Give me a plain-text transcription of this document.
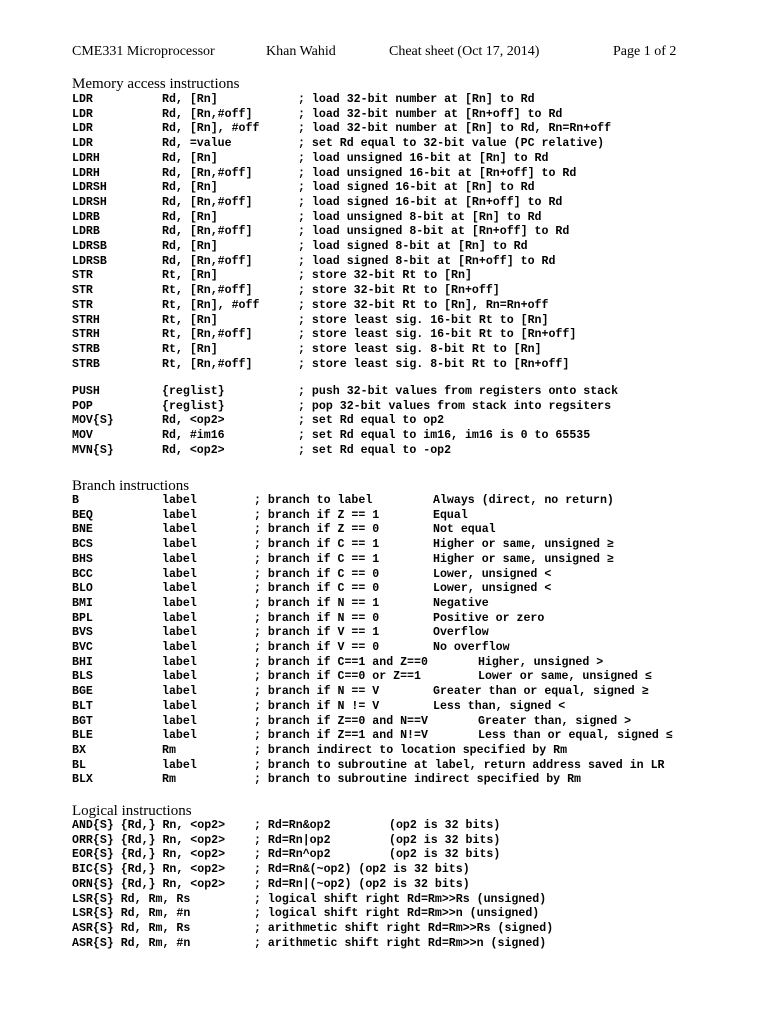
CME331 Microprocessor	Khan Wahid	Cheat sheet (Oct 17, 2014)	Page 1 of 2
Memory access instructions
Branch instructions
Logical instructions
LDR	Rd, [Rn]	; load 32-bit number at [Rn] to Rd
LDR	Rd, [Rn,#off]	; load 32-bit number at [Rn+off] to Rd
LDR	Rd, [Rn], #off	; load 32-bit number at [Rn] to Rd, Rn=Rn+off
LDR	Rd, =value	; set Rd equal to 32-bit value (PC relative)
LDRH	Rd, [Rn]	; load unsigned 16-bit at [Rn] to Rd
LDRH	Rd, [Rn,#off]	; load unsigned 16-bit at [Rn+off] to Rd
LDRSH	Rd, [Rn]	; load signed 16-bit at [Rn] to Rd
LDRSH	Rd, [Rn,#off]	; load signed 16-bit at [Rn+off] to Rd
LDRB	Rd, [Rn]	; load unsigned 8-bit at [Rn] to Rd
LDRB	Rd, [Rn,#off]	; load unsigned 8-bit at [Rn+off] to Rd
LDRSB	Rd, [Rn]	; load signed 8-bit at [Rn] to Rd
LDRSB	Rd, [Rn,#off]	; load signed 8-bit at [Rn+off] to Rd
STR	Rt, [Rn]	; store 32-bit Rt to [Rn]
STR	Rt, [Rn,#off]	; store 32-bit Rt to [Rn+off]
STR	Rt, [Rn], #off	; store 32-bit Rt to [Rn], Rn=Rn+off
STRH	Rt, [Rn]	; store least sig. 16-bit Rt to [Rn]
STRH	Rt, [Rn,#off]	; store least sig. 16-bit Rt to [Rn+off]
STRB	Rt, [Rn]	; store least sig. 8-bit Rt to [Rn]
STRB	Rt, [Rn,#off]	; store least sig. 8-bit Rt to [Rn+off]
PUSH	{reglist}	; push 32-bit values from registers onto stack
POP	{reglist}	; pop 32-bit values from stack into regsiters
MOV{S}	Rd, <op2>	; set Rd equal to op2
MOV	Rd, #im16	; set Rd equal to im16, im16 is 0 to 65535
MVN{S}	Rd, <op2>	; set Rd equal to -op2
B	label	; branch to label	Always (direct, no return)
BEQ	label	; branch if Z == 1	Equal
BNE	label	; branch if Z == 0	Not equal
BCS	label	; branch if C == 1	Higher or same, unsigned ≥
BHS	label	; branch if C == 1	Higher or same, unsigned ≥
BCC	label	; branch if C == 0	Lower, unsigned <
BLO	label	; branch if C == 0	Lower, unsigned <
BMI	label	; branch if N == 1	Negative
BPL	label	; branch if N == 0	Positive or zero
BVS	label	; branch if V == 1	Overflow
BVC	label	; branch if V == 0	No overflow
BHI	label	; branch if C==1 and Z==0	Higher, unsigned >
BLS	label	; branch if C==0 or Z==1	Lower or same, unsigned ≤
BGE	label	; branch if N == V	Greater than or equal, signed ≥
BLT	label	; branch if N != V	Less than, signed <
BGT	label	; branch if Z==0 and N==V	Greater than, signed >
BLE	label	; branch if Z==1 and N!=V	Less than or equal, signed ≤
BX	Rm	; branch indirect to location specified by Rm
BL	label	; branch to subroutine at label, return address saved in LR
BLX	Rm	; branch to subroutine indirect specified by Rm
AND{S} {Rd,} Rn, <op2> ; Rd=Rn&op2	(op2 is 32 bits)
ORR{S} {Rd,} Rn, <op2> ; Rd=Rn|op2	(op2 is 32 bits)
EOR{S} {Rd,} Rn, <op2> ; Rd=Rn^op2	(op2 is 32 bits)
BIC{S} {Rd,} Rn, <op2> ; Rd=Rn&(~op2) (op2 is 32 bits)
ORN{S} {Rd,} Rn, <op2> ; Rd=Rn|(~op2) (op2 is 32 bits)
LSR{S} Rd, Rm, Rs	; logical shift right Rd=Rm>>Rs (unsigned)
LSR{S} Rd, Rm, #n	; logical shift right Rd=Rm>>n (unsigned)
ASR{S} Rd, Rm, Rs	; arithmetic shift right Rd=Rm>>Rs (signed)
ASR{S} Rd, Rm, #n	; arithmetic shift right Rd=Rm>>n (signed)
